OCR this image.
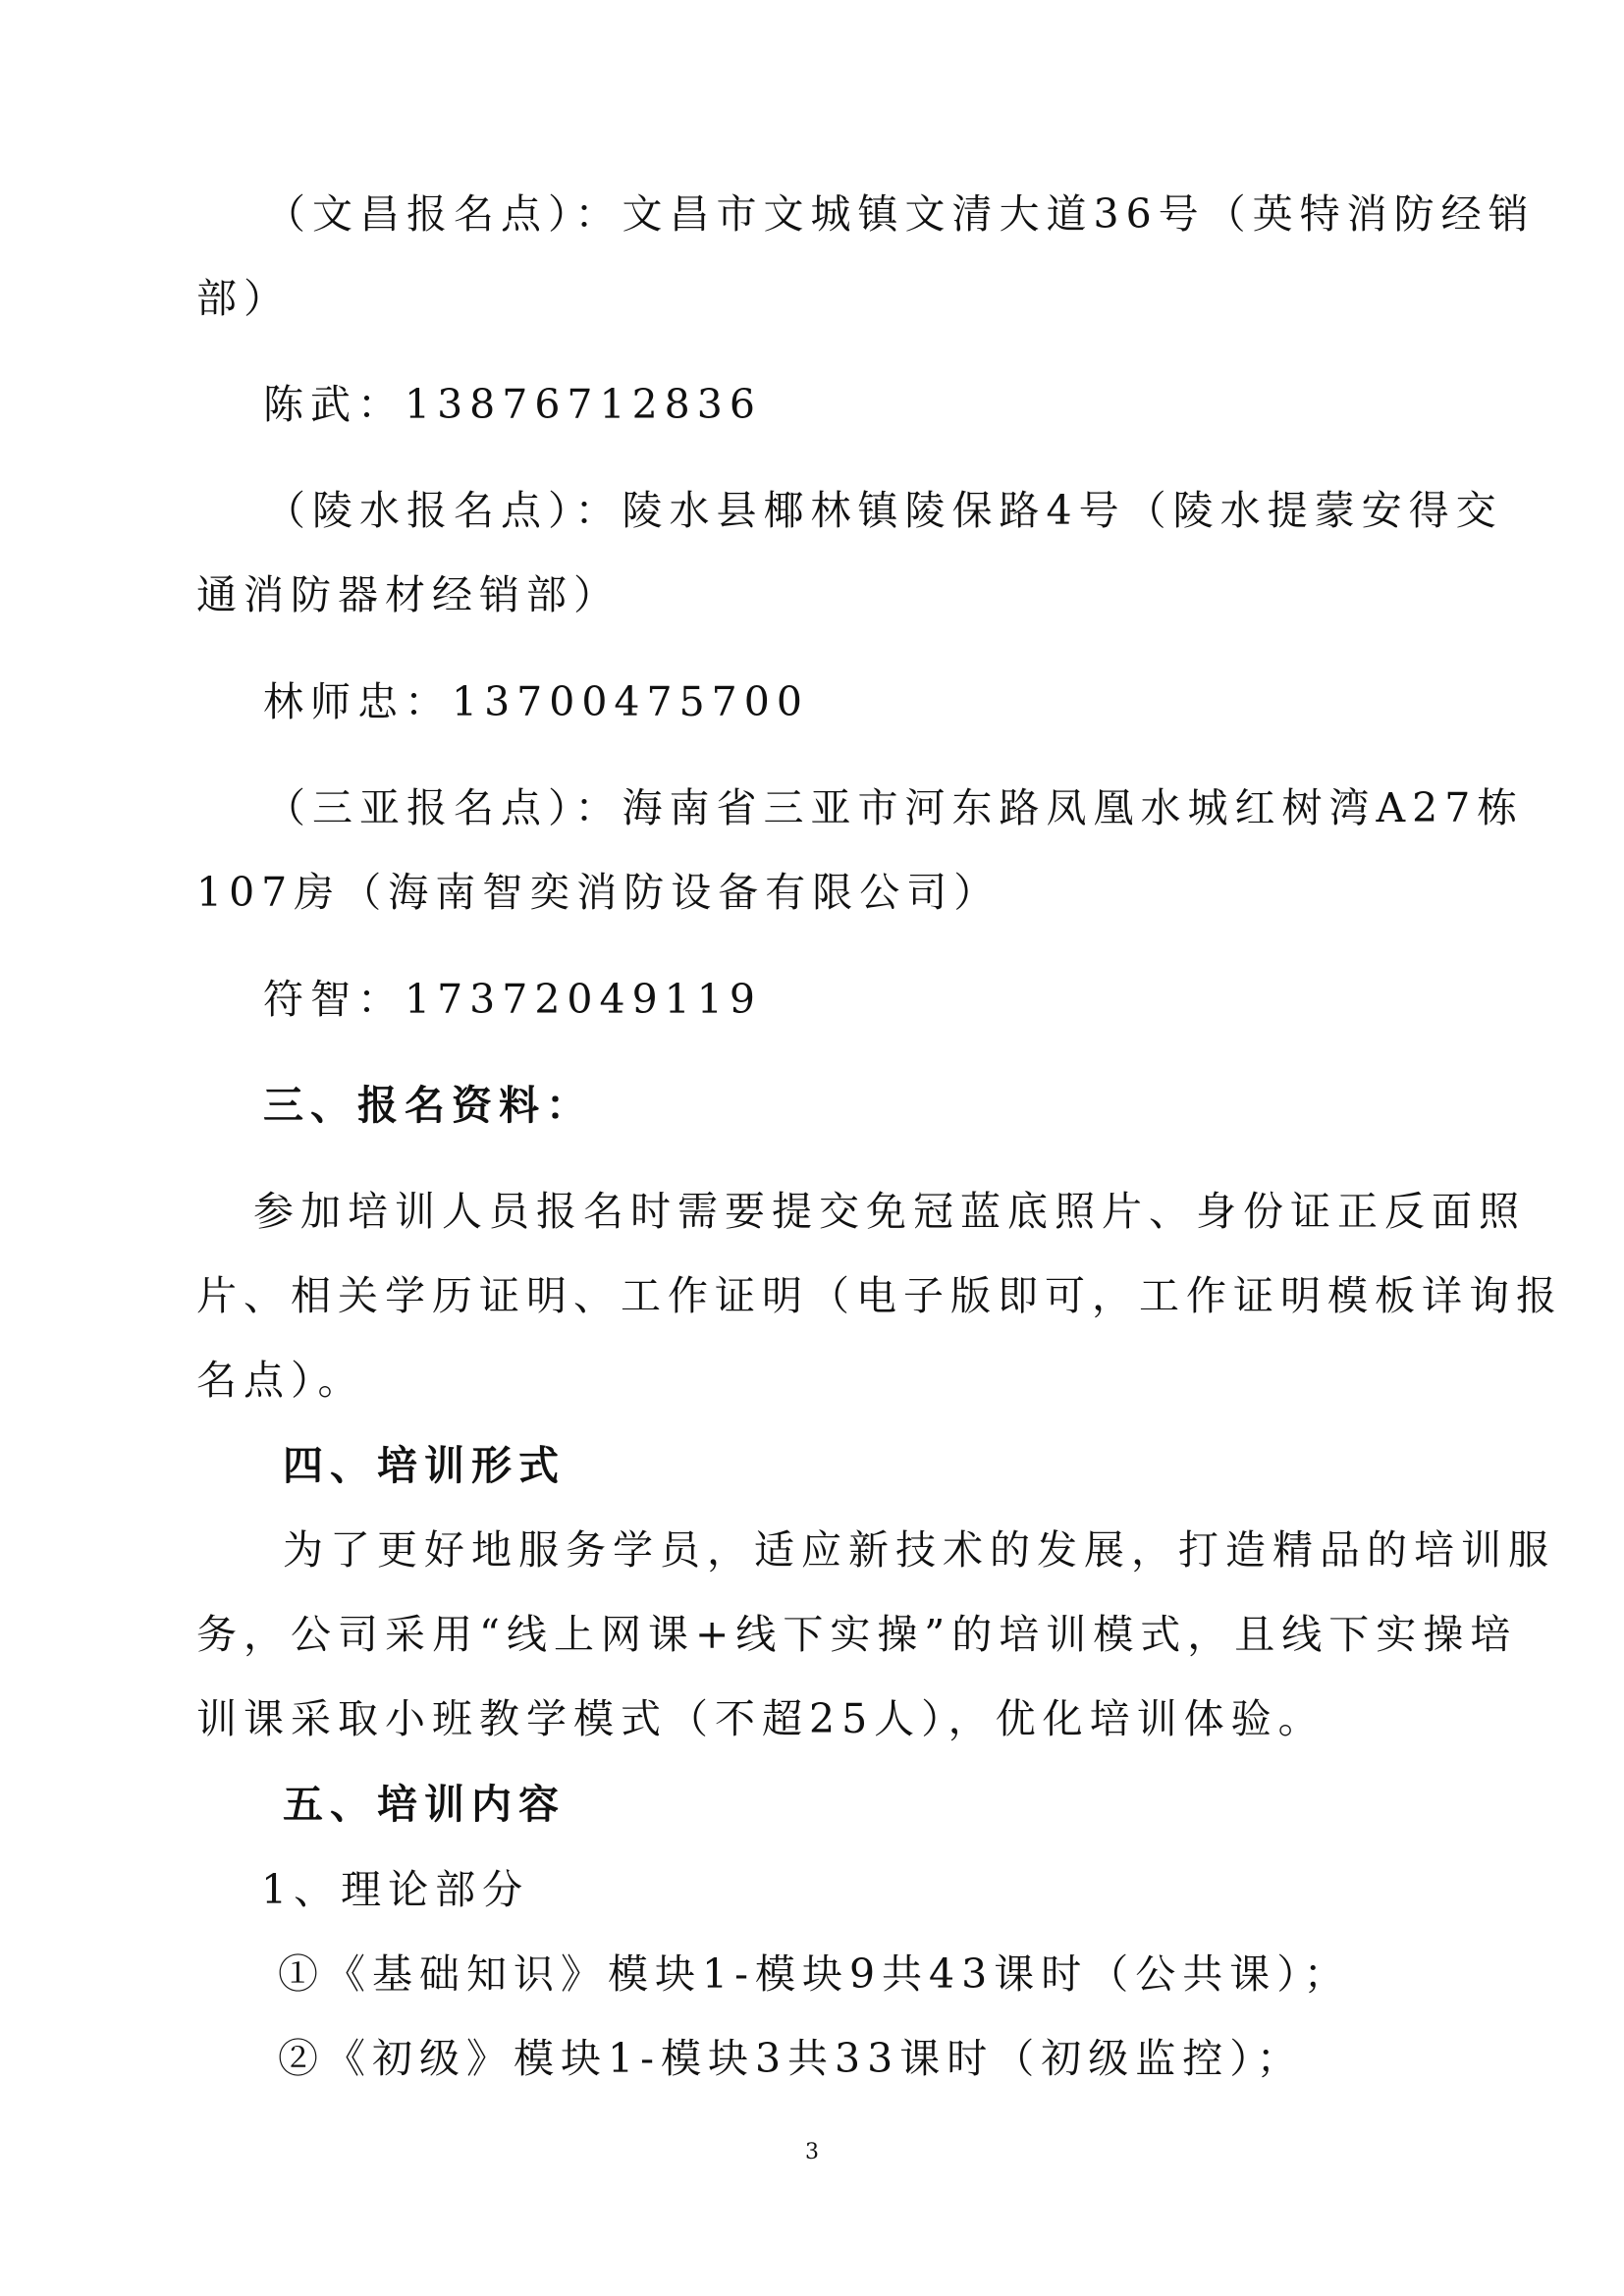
（文昌报名点）：文昌市文城镇文清大道36号（英特消防经销
部）
陈武：13876712836
（陵水报名点）：陵水县椰林镇陵保路4号（陵水提蒙安得交
通消防器材经销部）
林师忠：13700475700
（三亚报名点）：海南省三亚市河东路凤凰水城红树湾A27栋
107房（海南智奕消防设备有限公司）
符智：17372049119
三、报名资料：
参加培训人员报名时需要提交免冠蓝底照片、身份证正反面照
片、相关学历证明、工作证明（电子版即可，工作证明模板详询报
名点）。
四、培训形式
为了更好地服务学员，适应新技术的发展，打造精品的培训服
务，公司采用“线上网课+线下实操”的培训模式，且线下实操培
训课采取小班教学模式（不超25人），优化培训体验。
五、培训内容
1、理论部分
①《基础知识》模块1-模块9共43课时（公共课）；
②《初级》模块1-模块3共33课时（初级监控）；
3
